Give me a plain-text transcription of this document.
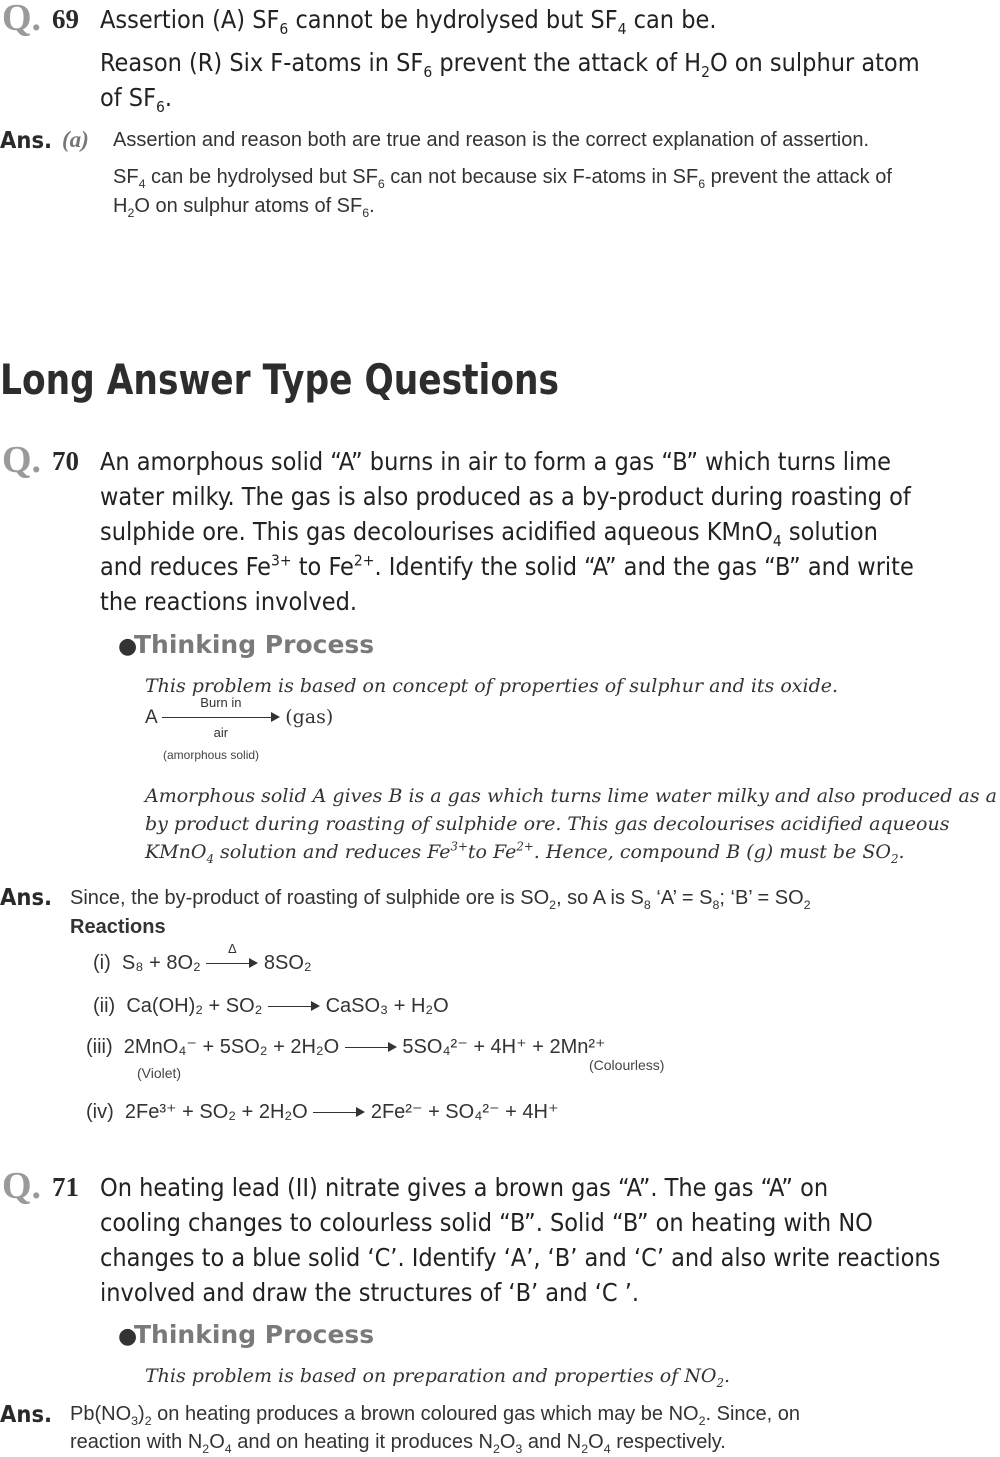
Q. 69 Assertion (A) $SF_6$ cannot be hydrolysed but $SF_4$ can be.
Reason (R) Six F-atoms in $SF_6$ prevent the attack of $H_2O$ on sulphur atom
of $SF_6$.
Ans. (a) Assertion and reason both are true and reason is the correct explanation of assertion.
$SF_4$ can be hydrolysed but $SF_6$ can not because six F-atoms in $SF_6$ prevent the attack of
$H_2O$ on sulphur atoms of $SF_6$.
Long Answer Type Questions
Q. 70 An amorphous solid “A” burns in air to form a gas “B” which turns lime
water milky. The gas is also produced as a by-product during roasting of
sulphide ore. This gas decolourises acidified aqueous KMnO$_4$ solution
and reduces $Fe^{3+}$ to $Fe^{2+}$. Identify the solid “A” and the gas “B” and write
the reactions involved.
●Thinking Process
This problem is based on concept of properties of sulphur and its oxide.
A
Burn in
air
(gas)
(amorphous solid)
Amorphous solid A gives B is a gas which turns lime water milky and also produced as a
by product during roasting of sulphide ore. This gas decolourises acidified aqueous
KMnO$_4$ solution and reduces $Fe^{3+}to$ $Fe^{2+}$. Hence, compound B (g) must be $SO_2$.
Ans. Since, the by-product of roasting of sulphide ore is $SO_2$, so A is $S_8$ ‘A’ = $S_8$; ‘B’ = $SO_2$
Reactions
(i) S₈ + 8O₂
Δ
8SO₂
(ii) Ca(OH)₂ + SO₂	CaSO₃ + H₂O
(iii) 2MnO₄⁻ + 5SO₂ + 2H₂O	5SO₄²⁻ + 4H⁺ + 2Mn²⁺
(Violet)	(Colourless)
(iv) 2Fe³⁺ + SO₂ + 2H₂O	2Fe²⁻ + SO₄²⁻ + 4H⁺
Q. 71 On heating lead (II) nitrate gives a brown gas “A”. The gas “A” on
cooling changes to colourless solid “B”. Solid “B” on heating with NO
changes to a blue solid ‘C’. Identify ‘A’, ‘B’ and ‘C’ and also write reactions
involved and draw the structures of ‘B’ and ‘C ’.
●Thinking Process
This problem is based on preparation and properties of $NO_2$.
Ans. $Pb(NO_3)_2$ on heating produces a brown coloured gas which may be $NO_2$. Since, on
reaction with $N_2O_4$ and on heating it produces $N_2O_3$ and $N_2O_4$ respectively.
